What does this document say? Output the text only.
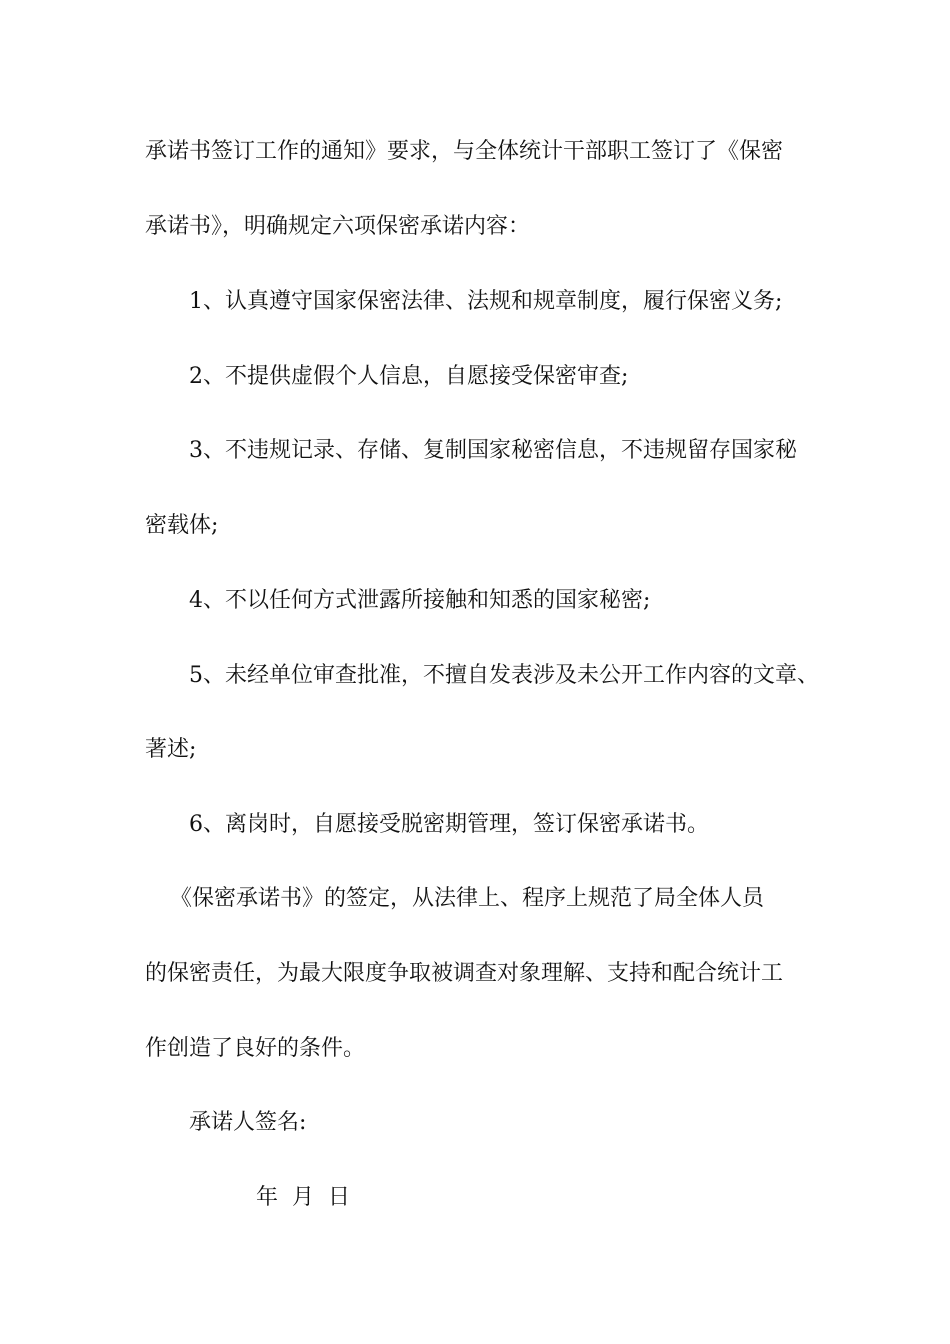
承诺书签订工作的通知》要求，与全体统计干部职工签订了《保密

承诺书》，明确规定六项保密承诺内容：

1、认真遵守国家保密法律、法规和规章制度，履行保密义务;

2、不提供虚假个人信息，自愿接受保密审查;

3、不违规记录、存储、复制国家秘密信息，不违规留存国家秘

密载体;

4、不以任何方式泄露所接触和知悉的国家秘密;

5、未经单位审查批准，不擅自发表涉及未公开工作内容的文章、

著述;

6、离岗时，自愿接受脱密期管理，签订保密承诺书。

《保密承诺书》的签定，从法律上、程序上规范了局全体人员

的保密责任，为最大限度争取被调查对象理解、支持和配合统计工

作创造了良好的条件。

承诺人签名:

年  月  日
